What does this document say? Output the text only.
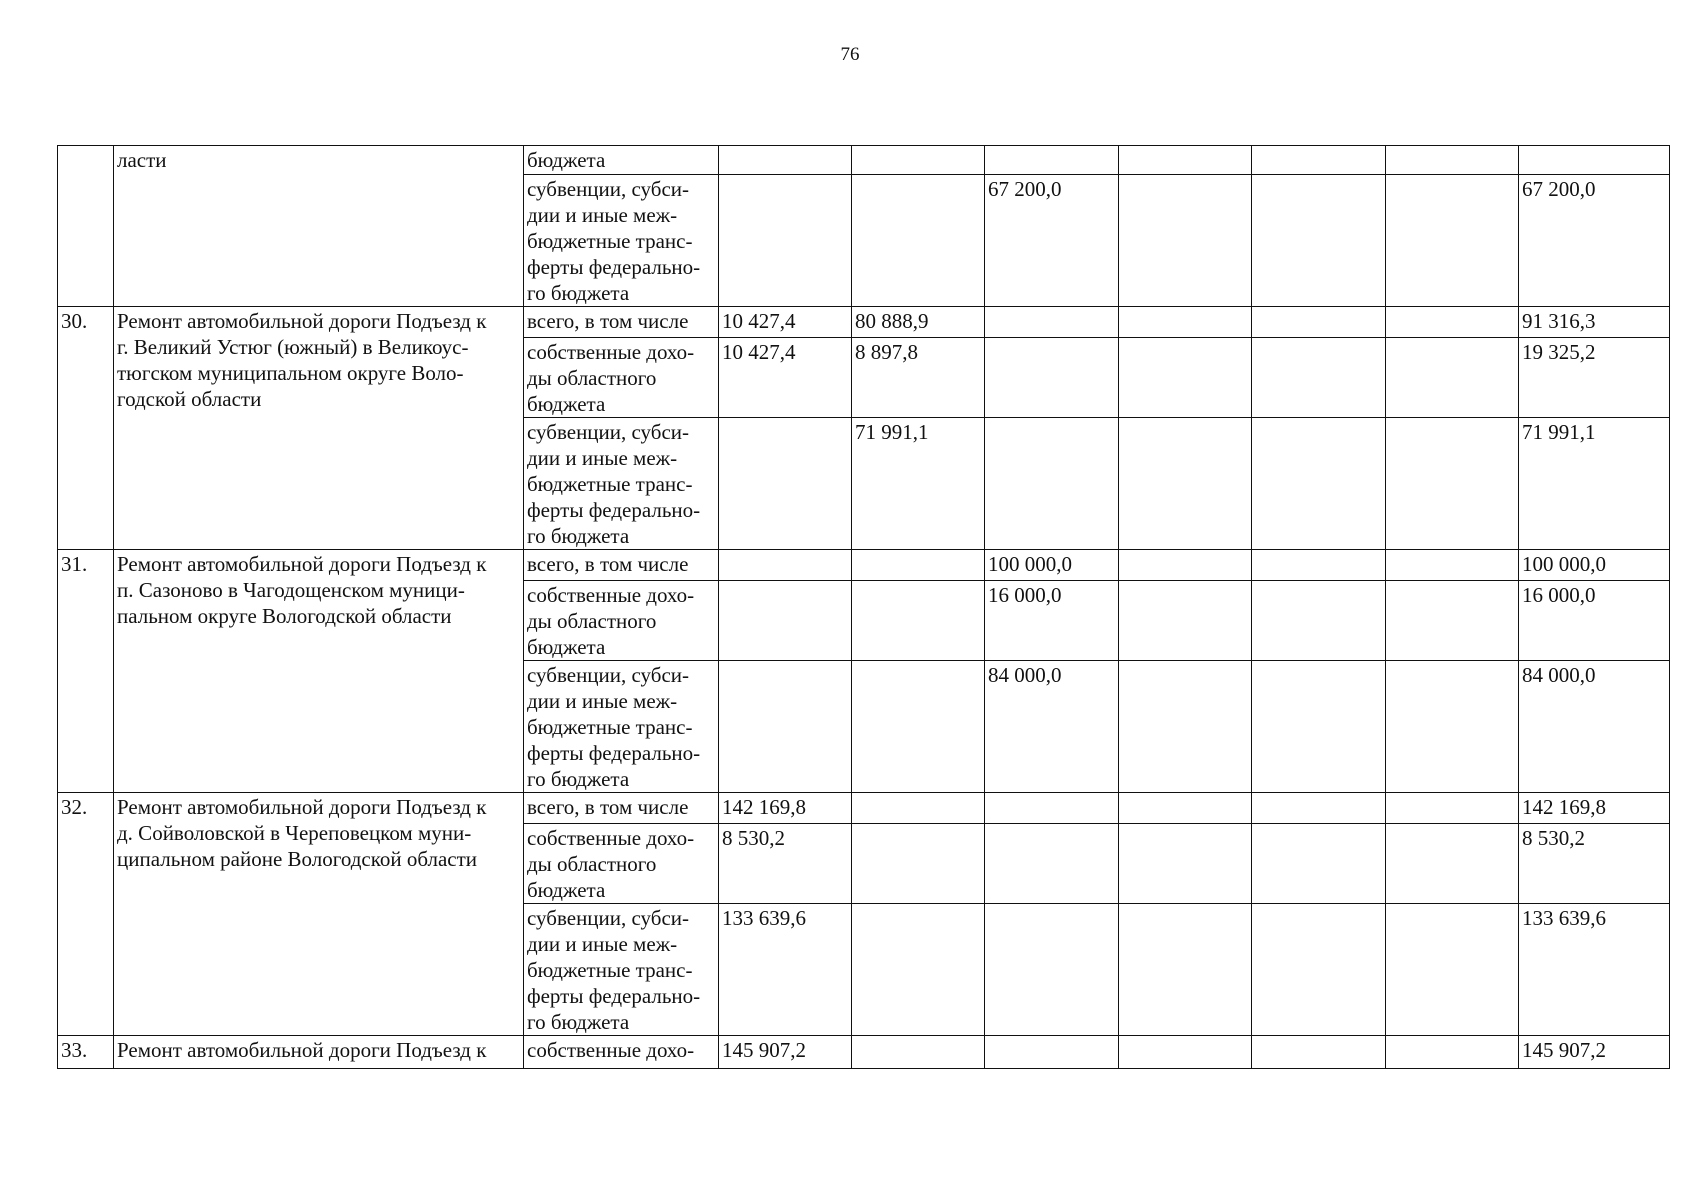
76
	ласти	бюджета							
		субвенции, субси-
дии и иные меж-
бюджетные транс-
ферты федерально-
го бюджета			67 200,0				67 200,0
30.	Ремонт автомобильной дороги Подъезд к
г. Великий Устюг (южный) в Великоус-
тюгском муниципальном округе Воло-
годской области	всего, в том числе	10 427,4	80 888,9					91 316,3
		собственные дохо-
ды областного
бюджета	10 427,4	8 897,8					19 325,2
		субвенции, субси-
дии и иные меж-
бюджетные транс-
ферты федерально-
го бюджета		71 991,1					71 991,1
31.	Ремонт автомобильной дороги Подъезд к
п. Сазоново в Чагодощенском муници-
пальном округе Вологодской области	всего, в том числе			100 000,0				100 000,0
		собственные дохо-
ды областного
бюджета			16 000,0				16 000,0
		субвенции, субси-
дии и иные меж-
бюджетные транс-
ферты федерально-
го бюджета			84 000,0				84 000,0
32.	Ремонт автомобильной дороги Подъезд к
д. Сойволовской в Череповецком муни-
ципальном районе Вологодской области	всего, в том числе	142 169,8						142 169,8
		собственные дохо-
ды областного
бюджета	8 530,2						8 530,2
		субвенции, субси-
дии и иные меж-
бюджетные транс-
ферты федерально-
го бюджета	133 639,6						133 639,6
33.	Ремонт автомобильной дороги Подъезд к	собственные дохо-	145 907,2						145 907,2
